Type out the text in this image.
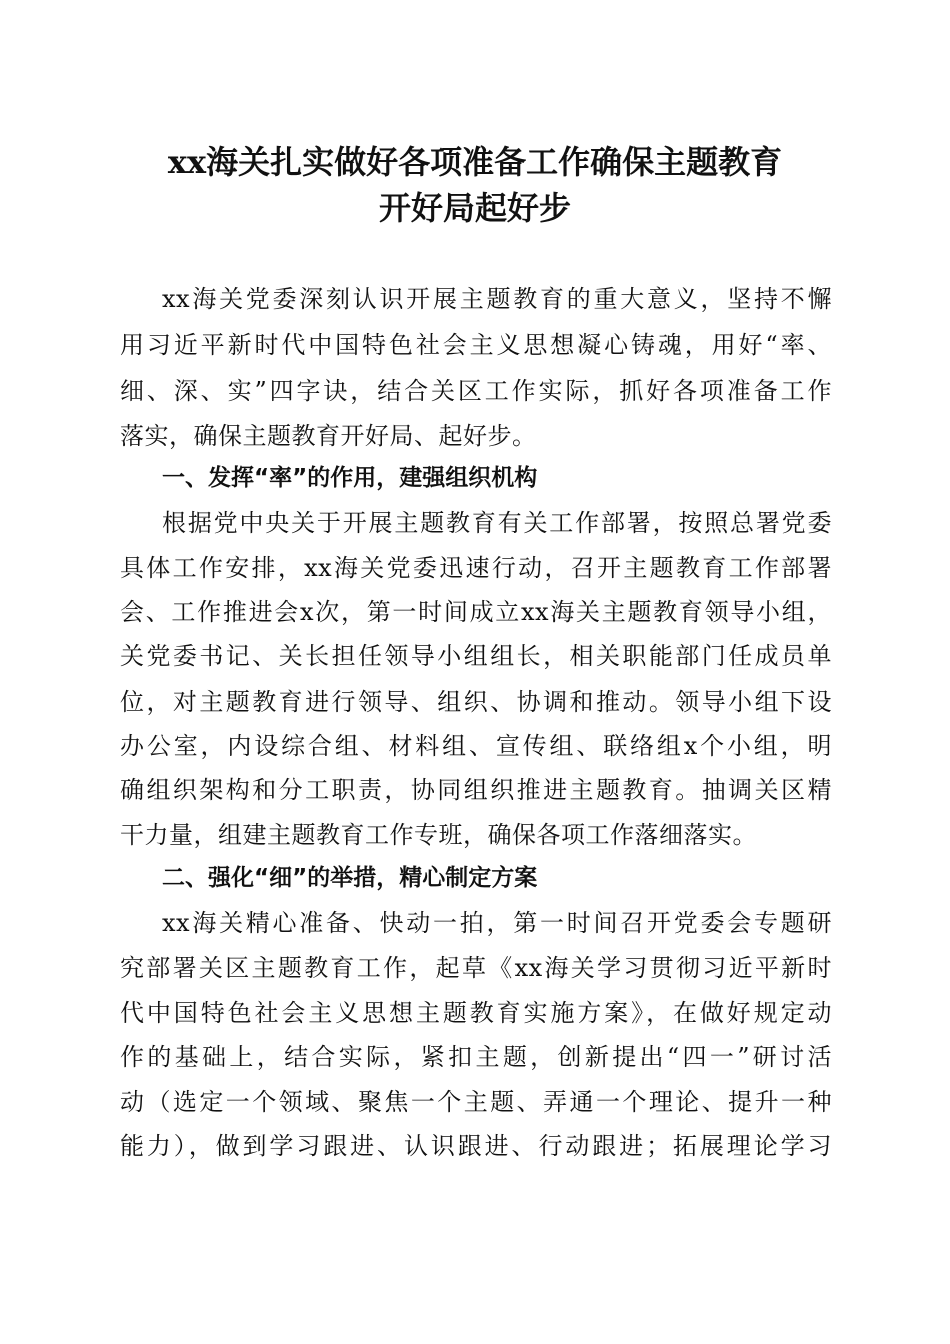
xx海关扎实做好各项准备工作确保主题教育
开好局起好步
xx海关党委深刻认识开展主题教育的重大意义，坚持不懈
用习近平新时代中国特色社会主义思想凝心铸魂，用好“率、
细、深、实”四字诀，结合关区工作实际，抓好各项准备工作
落实，确保主题教育开好局、起好步。
一、发挥“率”的作用，建强组织机构
根据党中央关于开展主题教育有关工作部署，按照总署党委
具体工作安排，xx海关党委迅速行动，召开主题教育工作部署
会、工作推进会x次，第一时间成立xx海关主题教育领导小组，
关党委书记、关长担任领导小组组长，相关职能部门任成员单
位，对主题教育进行领导、组织、协调和推动。领导小组下设
办公室，内设综合组、材料组、宣传组、联络组x个小组，明
确组织架构和分工职责，协同组织推进主题教育。抽调关区精
干力量，组建主题教育工作专班，确保各项工作落细落实。
二、强化“细”的举措，精心制定方案
xx海关精心准备、快动一拍，第一时间召开党委会专题研
究部署关区主题教育工作，起草《xx海关学习贯彻习近平新时
代中国特色社会主义思想主题教育实施方案》，在做好规定动
作的基础上，结合实际，紧扣主题，创新提出“四一”研讨活
动（选定一个领域、聚焦一个主题、弄通一个理论、提升一种
能力），做到学习跟进、认识跟进、行动跟进；拓展理论学习
